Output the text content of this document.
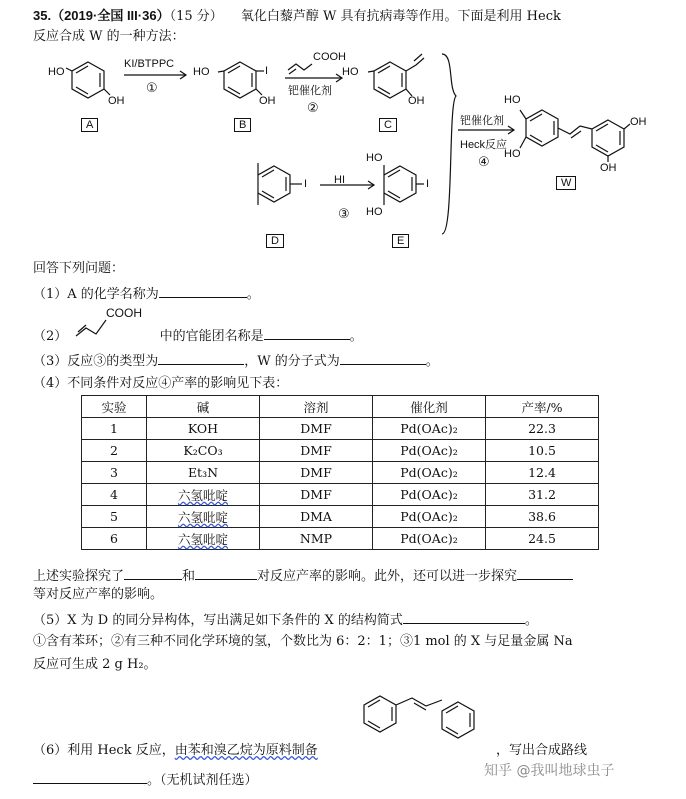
35.（2019·全国 III·36）（15 分） 氧化白藜芦醇 W 具有抗病毒等作用。下面是利用 Heck
反应合成 W 的一种方法：
HO
OH
A
KI/BTPPC
①
HO	I
OH
B
COOH
钯催化剂
②
HO
OH
C	钯催化剂
Heck反应
④
HO
HO
OH
OH
W
I
D
HI
③
HO
HO
I
E
回答下列问题：
（1）A 的化学名称为	。
（2）	中的官能团名称是	。
COOH
（3）反应③的类型为	，W 的分子式为	。
（4）不同条件对反应④产率的影响见下表：
实验	碱	溶剂	催化剂	产率/%
1	KOH	DMF	Pd(OAc)₂	22.3
2	K₂CO₃	DMF	Pd(OAc)₂	10.5
3	Et₃N	DMF	Pd(OAc)₂	12.4
4	六氢吡啶	DMF	Pd(OAc)₂	31.2
5	六氢吡啶	DMA	Pd(OAc)₂	38.6
6	六氢吡啶	NMP	Pd(OAc)₂	24.5
上述实验探究了	和	对反应产率的影响。此外，还可以进一步探究
等对反应产率的影响。
（5）X 为 D 的同分异构体，写出满足如下条件的 X 的结构简式	。
①含有苯环；②有三种不同化学环境的氢，个数比为 6：2：1；③1 mol 的 X 与足量金属 Na
反应可生成 2 g H₂。
（6）利用 Heck 反应，由苯和溴乙烷为原料制备	，写出合成路线
。（无机试剂任选）
知乎 @我叫地球虫子
